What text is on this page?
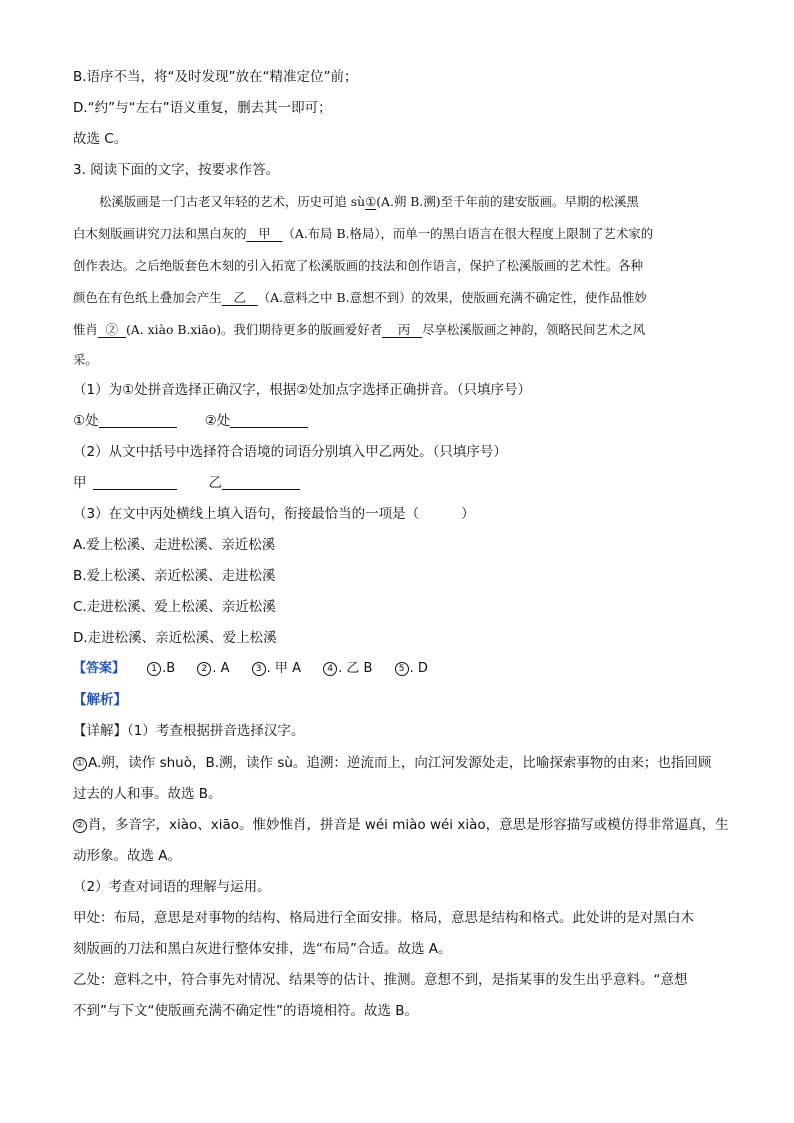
B.语序不当，将“及时发现”放在“精准定位”前；
D.“约”与“左右”语义重复，删去其一即可；
故选 C。
3. 阅读下面的文字，按要求作答。
松溪版画是一门古老又年轻的艺术，历史可追 sù①(A.朔 B.溯)至千年前的建安版画。早期的松溪黑
白木刻版画讲究刀法和黑白灰的 甲 （A.布局 B.格局），而单一的黑白语言在很大程度上限制了艺术家的
创作表达。之后绝版套色木刻的引入拓宽了松溪版画的技法和创作语言，保护了松溪版画的艺术性。各种
颜色在有色纸上叠加会产生 乙 （A.意料之中 B.意想不到）的效果，使版画充满不确定性，使作品惟妙
惟肖 ② (A. xiào B.xiāo)。我们期待更多的版画爱好者 丙 尽享松溪版画之神韵，领略民间艺术之风
采。
（1）为①处拼音选择正确汉字，根据②处加点字选择正确拼音。（只填序号）
①处	②处
（2）从文中括号中选择符合语境的词语分别填入甲乙两处。（只填序号）
甲	乙
（3）在文中丙处横线上填入语句，衔接最恰当的一项是（	）
A.爱上松溪、走进松溪、亲近松溪
B.爱上松溪、亲近松溪、走进松溪
C.走进松溪、爱上松溪、亲近松溪
D.走进松溪、亲近松溪、爱上松溪
【答案】	1 .B	2 . A	3 . 甲 A	4 . 乙 B	5 . D
【解析】
【详解】（1）考查根据拼音选择汉字。
① A.朔，读作 shuò，B.溯，读作 sù。追溯：逆流而上，向江河发源处走，比喻探索事物的由来；也指回顾
过去的人和事。故选 B。
② 肖，多音字，xiào、xiāo。惟妙惟肖，拼音是 wéi miào wéi xiào，意思是形容描写或模仿得非常逼真，生
动形象。故选 A。
（2）考查对词语的理解与运用。
甲处：布局，意思是对事物的结构、格局进行全面安排。格局，意思是结构和格式。此处讲的是对黑白木
刻版画的刀法和黑白灰进行整体安排，选“布局”合适。故选 A。
乙处：意料之中，符合事先对情况、结果等的估计、推测。意想不到，是指某事的发生出乎意料。“意想
不到”与下文“使版画充满不确定性”的语境相符。故选 B。
